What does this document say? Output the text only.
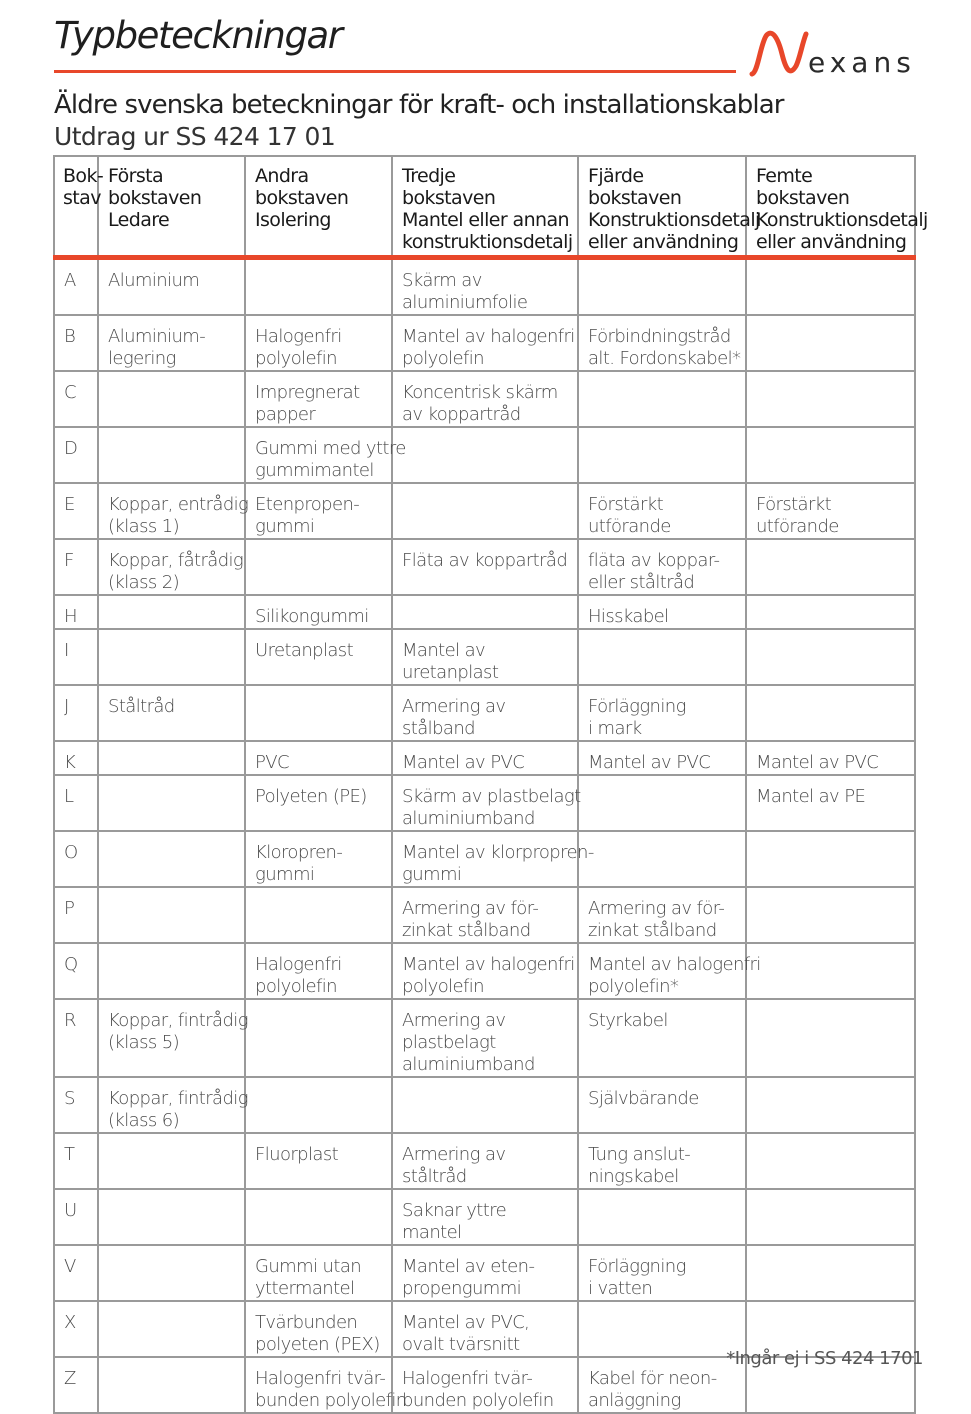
Typbeteckningar
exans
Äldre svenska beteckningar för kraft- och installationskablar
Utdrag ur SS 424 17 01
Bok-
stav	Första
bokstaven
Ledare	Andra
bokstaven
Isolering	Tredje
bokstaven
Mantel eller annan
konstruktionsdetalj	Fjärde
bokstaven
Konstruktionsdetalj
eller användning	Femte
bokstaven
Konstruktionsdetalj
eller användning
A	Aluminium		Skärm av
aluminiumfolie		
B	Aluminium-
legering	Halogenfri
polyolefin	Mantel av halogenfri
polyolefin	Förbindningstråd
alt. Fordonskabel*	
C		Impregnerat
papper	Koncentrisk skärm
av koppartråd		
D		Gummi med yttre
gummimantel			
E	Koppar, entrådig
(klass 1)	Etenpropen-
gummi		Förstärkt
utförande	Förstärkt
utförande
F	Koppar, fåtrådig
(klass 2)		Fläta av koppartråd	fläta av koppar-
eller ståltråd	
H		Silikongummi		Hisskabel	
I		Uretanplast	Mantel av
uretanplast		
J	Ståltråd		Armering av
stålband	Förläggning
i mark	
K		PVC	Mantel av PVC	Mantel av PVC	Mantel av PVC
L		Polyeten (PE)	Skärm av plastbelagt
aluminiumband		Mantel av PE
O		Kloropren-
gummi	Mantel av klorpropren-
gummi		
P			Armering av för-
zinkat stålband	Armering av för-
zinkat stålband	
Q		Halogenfri
polyolefin	Mantel av halogenfri
polyolefin	Mantel av halogenfri
polyolefin*	
R	Koppar, fintrådig
(klass 5)		Armering av
plastbelagt
aluminiumband	Styrkabel	
S	Koppar, fintrådig
(klass 6)			Självbärande	
T		Fluorplast	Armering av
ståltråd	Tung anslut-
ningskabel	
U			Saknar yttre
mantel		
V		Gummi utan
yttermantel	Mantel av eten-
propengummi	Förläggning
i vatten	
X		Tvärbunden
polyeten (PEX)	Mantel av PVC,
ovalt tvärsnitt		
Z		Halogenfri tvär-
bunden polyolefin	Halogenfri tvär-
bunden polyolefin	Kabel för neon-
anläggning	
*Ingår ej i SS 424 1701
